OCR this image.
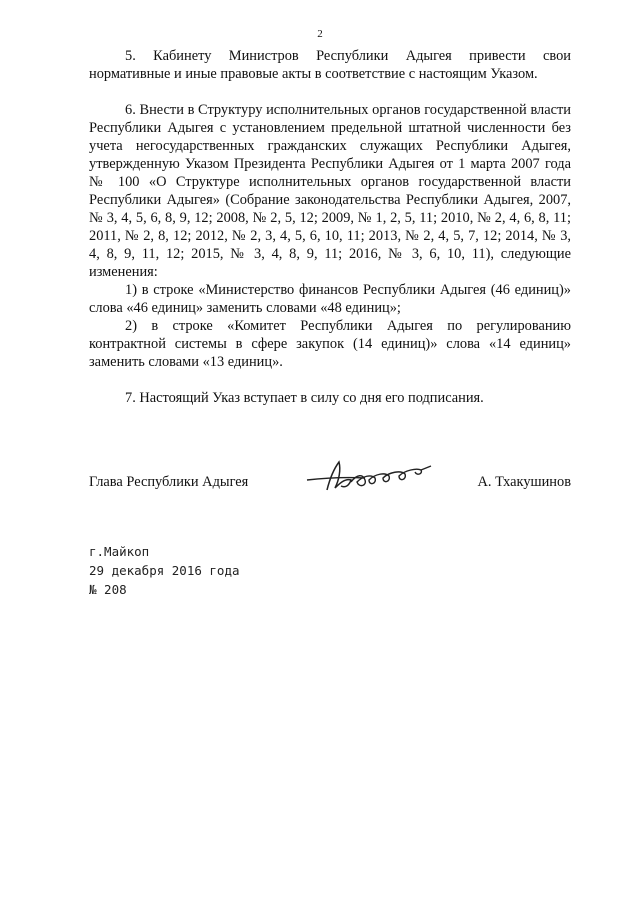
2

5. Кабинету Министров Республики Адыгея привести свои нормативные и иные правовые акты в соответствие с настоящим Указом.

6. Внести в Структуру исполнительных органов государственной власти Республики Адыгея с установлением предельной штатной численности без учета негосударственных гражданских служащих Республики Адыгея, утвержденную Указом Президента Республики Адыгея от 1 марта 2007 года № 100 «О Структуре исполнительных органов государственной власти Республики Адыгея» (Собрание законодательства Республики Адыгея, 2007, № 3, 4, 5, 6, 8, 9, 12; 2008, № 2, 5, 12; 2009, № 1, 2, 5, 11; 2010, № 2, 4, 6, 8, 11; 2011, № 2, 8, 12; 2012, № 2, 3, 4, 5, 6, 10, 11; 2013, № 2, 4, 5, 7, 12; 2014, № 3, 4, 8, 9, 11, 12; 2015, № 3, 4, 8, 9, 11; 2016, № 3, 6, 10, 11), следующие изменения:

1) в строке «Министерство финансов Республики Адыгея (46 единиц)» слова «46 единиц» заменить словами «48 единиц»;

2) в строке «Комитет Республики Адыгея по регулированию контрактной системы в сфере закупок (14 единиц)» слова «14 единиц» заменить словами «13 единиц».

7. Настоящий Указ вступает в силу со дня его подписания.

Глава Республики Адыгея	А. Тхакушинов
г.Майкоп
29 декабря 2016 года
№ 208
